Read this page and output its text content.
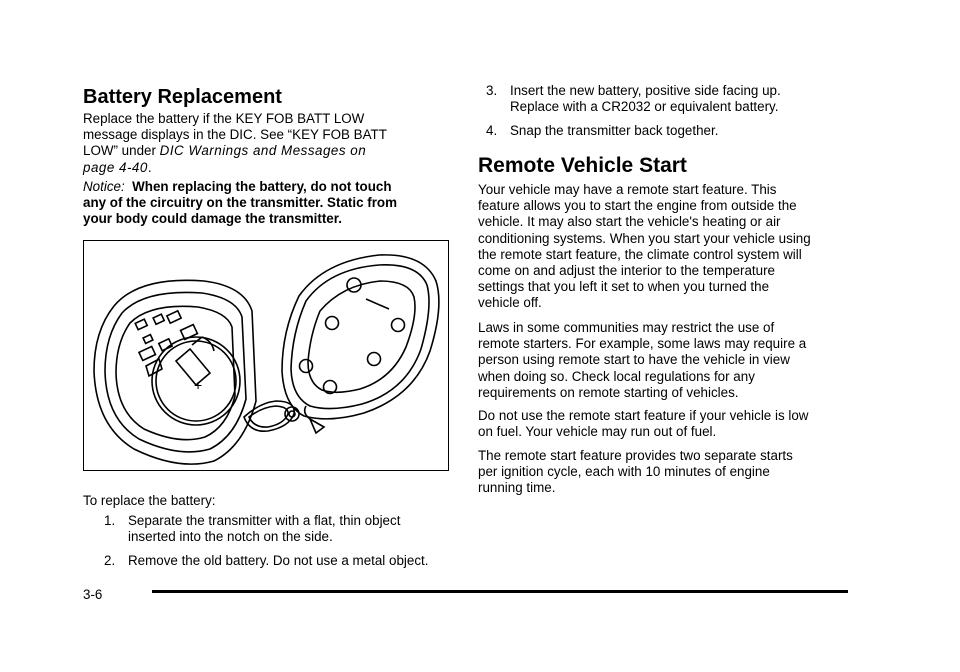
Battery Replacement

Replace the battery if the KEY FOB BATT LOW
message displays in the DIC. See “KEY FOB BATT
LOW” under DIC Warnings and Messages on
page 4-40.

Notice: When replacing the battery, do not touch
any of the circuitry on the transmitter. Static from
your body could damage the transmitter.

+
To replace the battery:
1. Separate the transmitter with a flat, thin object
inserted into the notch on the side.
2. Remove the old battery. Do not use a metal object.
3. Insert the new battery, positive side facing up.
Replace with a CR2032 or equivalent battery.
4. Snap the transmitter back together.
Remote Vehicle Start

Your vehicle may have a remote start feature. This
feature allows you to start the engine from outside the
vehicle. It may also start the vehicle's heating or air
conditioning systems. When you start your vehicle using
the remote start feature, the climate control system will
come on and adjust the interior to the temperature
settings that you left it set to when you turned the
vehicle off.

Laws in some communities may restrict the use of
remote starters. For example, some laws may require a
person using remote start to have the vehicle in view
when doing so. Check local regulations for any
requirements on remote starting of vehicles.

Do not use the remote start feature if your vehicle is low
on fuel. Your vehicle may run out of fuel.

The remote start feature provides two separate starts
per ignition cycle, each with 10 minutes of engine
running time.

3-6
